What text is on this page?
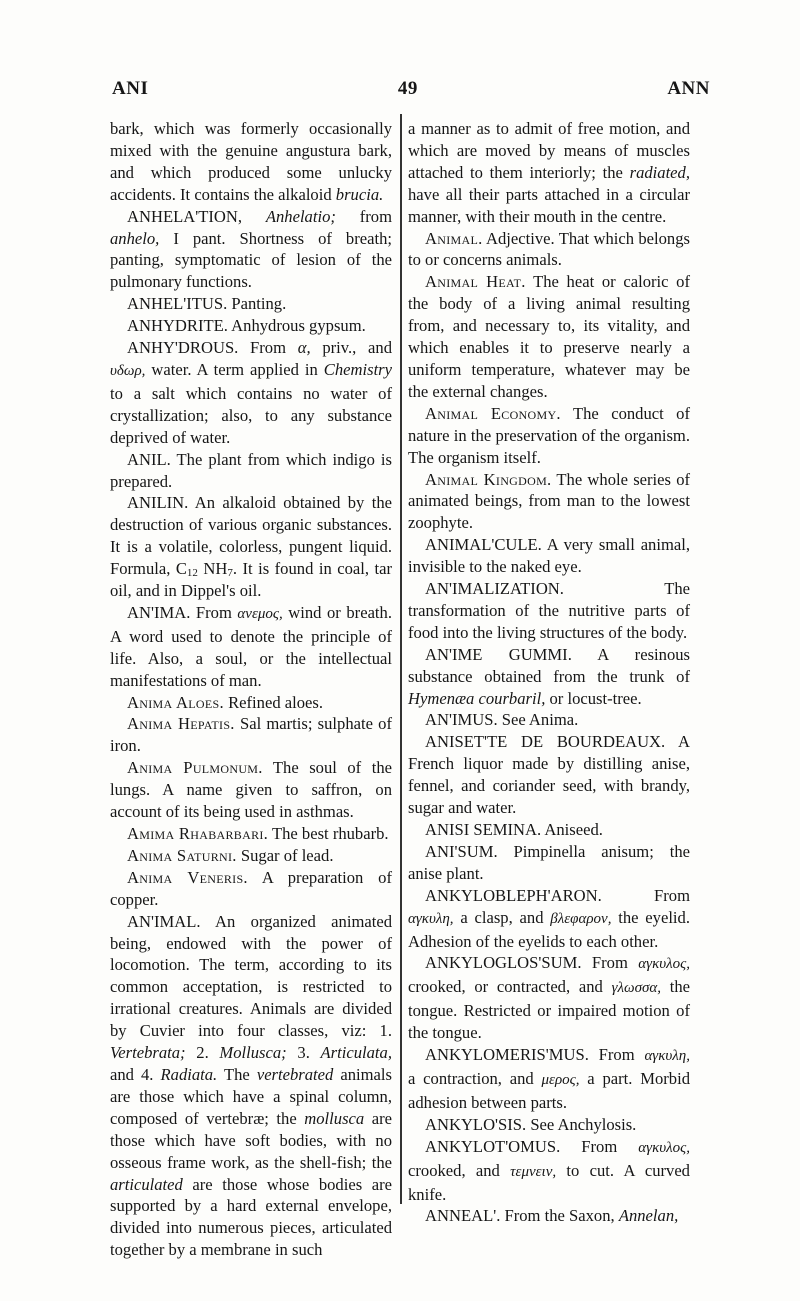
ANI	49	ANN

bark, which was formerly occasionally mixed with the genuine angustura bark, and which produced some unlucky accidents. It contains the alkaloid brucia.

ANHELA'TION, Anhelatio; from anhelo, I pant. Shortness of breath; panting, symptomatic of lesion of the pulmonary functions.

ANHEL'ITUS. Panting.

ANHYDRITE. Anhydrous gypsum.

ANHY'DROUS. From α, priv., and υδωρ, water. A term applied in Chemistry to a salt which contains no water of crystallization; also, to any substance deprived of water.

ANIL. The plant from which indigo is prepared.

ANILIN. An alkaloid obtained by the destruction of various organic substances. It is a volatile, colorless, pungent liquid. Formula, $C_{12}$ $NH_7$. It is found in coal, tar oil, and in Dippel's oil.

AN'IMA. From ανεμος, wind or breath. A word used to denote the principle of life. Also, a soul, or the intellectual manifestations of man.

Anima Aloes. Refined aloes.

Anima Hepatis. Sal martis; sulphate of iron.

Anima Pulmonum. The soul of the lungs. A name given to saffron, on account of its being used in asthmas.

Amima Rhabarbari. The best rhubarb.

Anima Saturni. Sugar of lead.

Anima Veneris. A preparation of copper.

AN'IMAL. An organized animated being, endowed with the power of locomotion. The term, according to its common acceptation, is restricted to irrational creatures. Animals are divided by Cuvier into four classes, viz: 1. Vertebrata; 2. Mollusca; 3. Articulata, and 4. Radiata. The vertebrated animals are those which have a spinal column, composed of vertebræ; the mollusca are those which have soft bodies, with no osseous frame work, as the shell-fish; the articulated are those whose bodies are supported by a hard external envelope, divided into numerous pieces, articulated together by a membrane in such

a manner as to admit of free motion, and which are moved by means of muscles attached to them interiorly; the radiated, have all their parts attached in a circular manner, with their mouth in the centre.

Animal. Adjective. That which belongs to or concerns animals.

Animal Heat. The heat or caloric of the body of a living animal resulting from, and necessary to, its vitality, and which enables it to preserve nearly a uniform temperature, whatever may be the external changes.

Animal Economy. The conduct of nature in the preservation of the organism. The organism itself.

Animal Kingdom. The whole series of animated beings, from man to the lowest zoophyte.

ANIMAL'CULE. A very small animal, invisible to the naked eye.

AN'IMALIZATION. The transformation of the nutritive parts of food into the living structures of the body.

AN'IME GUMMI. A resinous substance obtained from the trunk of Hymenæa courbaril, or locust-tree.

AN'IMUS. See Anima.

ANISET'TE DE BOURDEAUX. A French liquor made by distilling anise, fennel, and coriander seed, with brandy, sugar and water.

ANISI SEMINA. Aniseed.

ANI'SUM. Pimpinella anisum; the anise plant.

ANKYLOBLEPH'ARON. From αγκυλη, a clasp, and βλεφαρον, the eyelid. Adhesion of the eyelids to each other.

ANKYLOGLOS'SUM. From αγκυλος, crooked, or contracted, and γλωσσα, the tongue. Restricted or impaired motion of the tongue.

ANKYLOMERIS'MUS. From αγκυλη, a contraction, and μερος, a part. Morbid adhesion between parts.

ANKYLO'SIS. See Anchylosis.

ANKYLOT'OMUS. From αγκυλος, crooked, and τεμνειν, to cut. A curved knife.

ANNEAL'. From the Saxon, Annelan,
